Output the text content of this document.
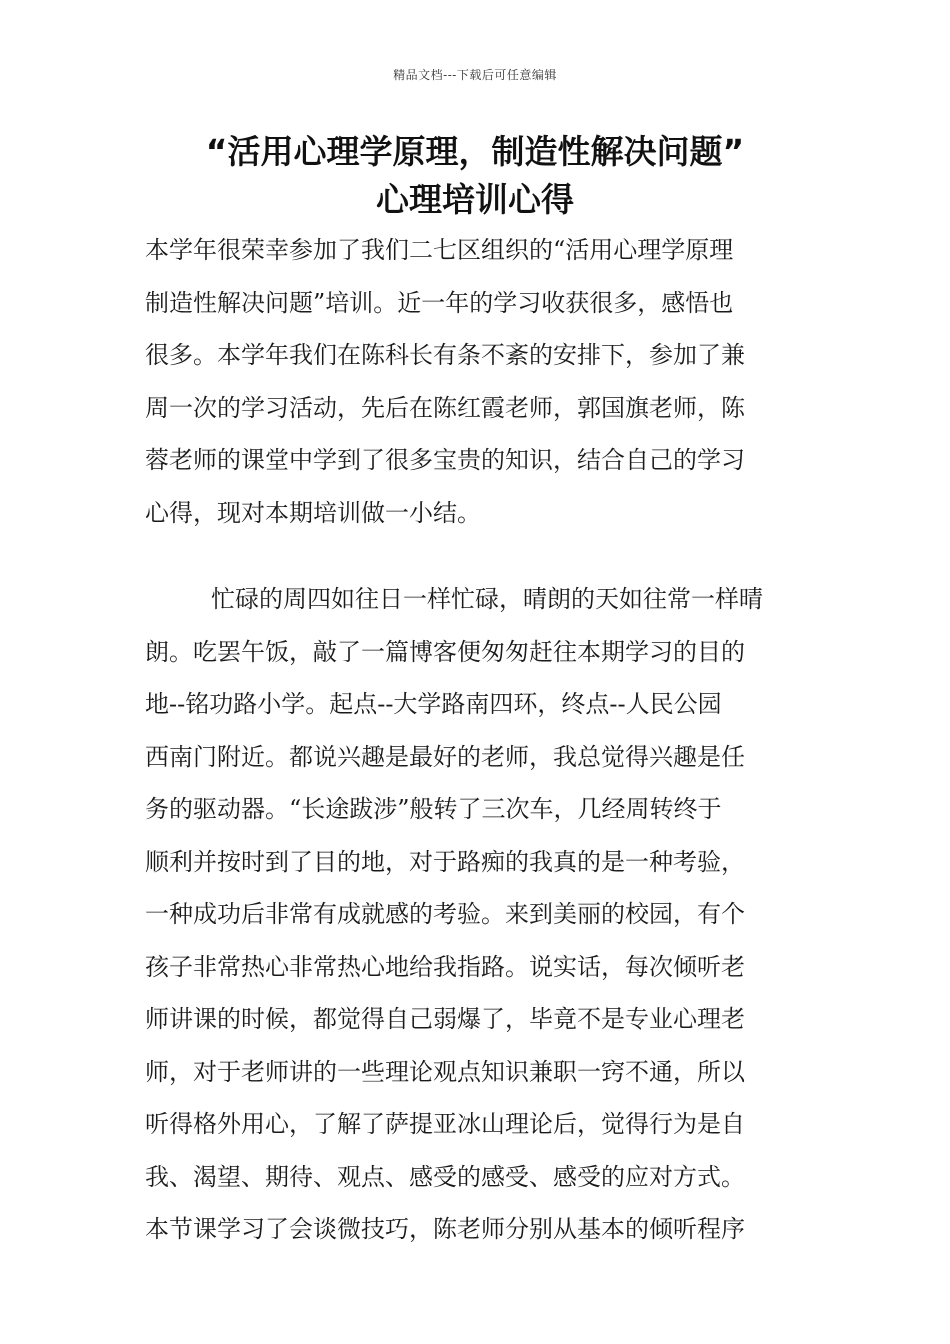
精品文档---下载后可任意编辑
“活用心理学原理，制造性解决问题”
心理培训心得
本学年很荣幸参加了我们二七区组织的“活用心理学原理
制造性解决问题”培训。近一年的学习收获很多，感悟也
很多。本学年我们在陈科长有条不紊的安排下，参加了兼
周一次的学习活动，先后在陈红霞老师，郭国旗老师，陈
蓉老师的课堂中学到了很多宝贵的知识，结合自己的学习
心得，现对本期培训做一小结。
忙碌的周四如往日一样忙碌，晴朗的天如往常一样晴
朗。吃罢午饭，敲了一篇博客便匆匆赶往本期学习的目的
地--铭功路小学。起点--大学路南四环，终点--人民公园
西南门附近。都说兴趣是最好的老师，我总觉得兴趣是任
务的驱动器。“长途跋涉”般转了三次车，几经周转终于
顺利并按时到了目的地，对于路痴的我真的是一种考验，
一种成功后非常有成就感的考验。来到美丽的校园，有个
孩子非常热心非常热心地给我指路。说实话，每次倾听老
师讲课的时候，都觉得自己弱爆了，毕竟不是专业心理老
师，对于老师讲的一些理论观点知识兼职一窍不通，所以
听得格外用心，了解了萨提亚冰山理论后，觉得行为是自
我、渴望、期待、观点、感受的感受、感受的应对方式。
本节课学习了会谈微技巧，陈老师分别从基本的倾听程序
